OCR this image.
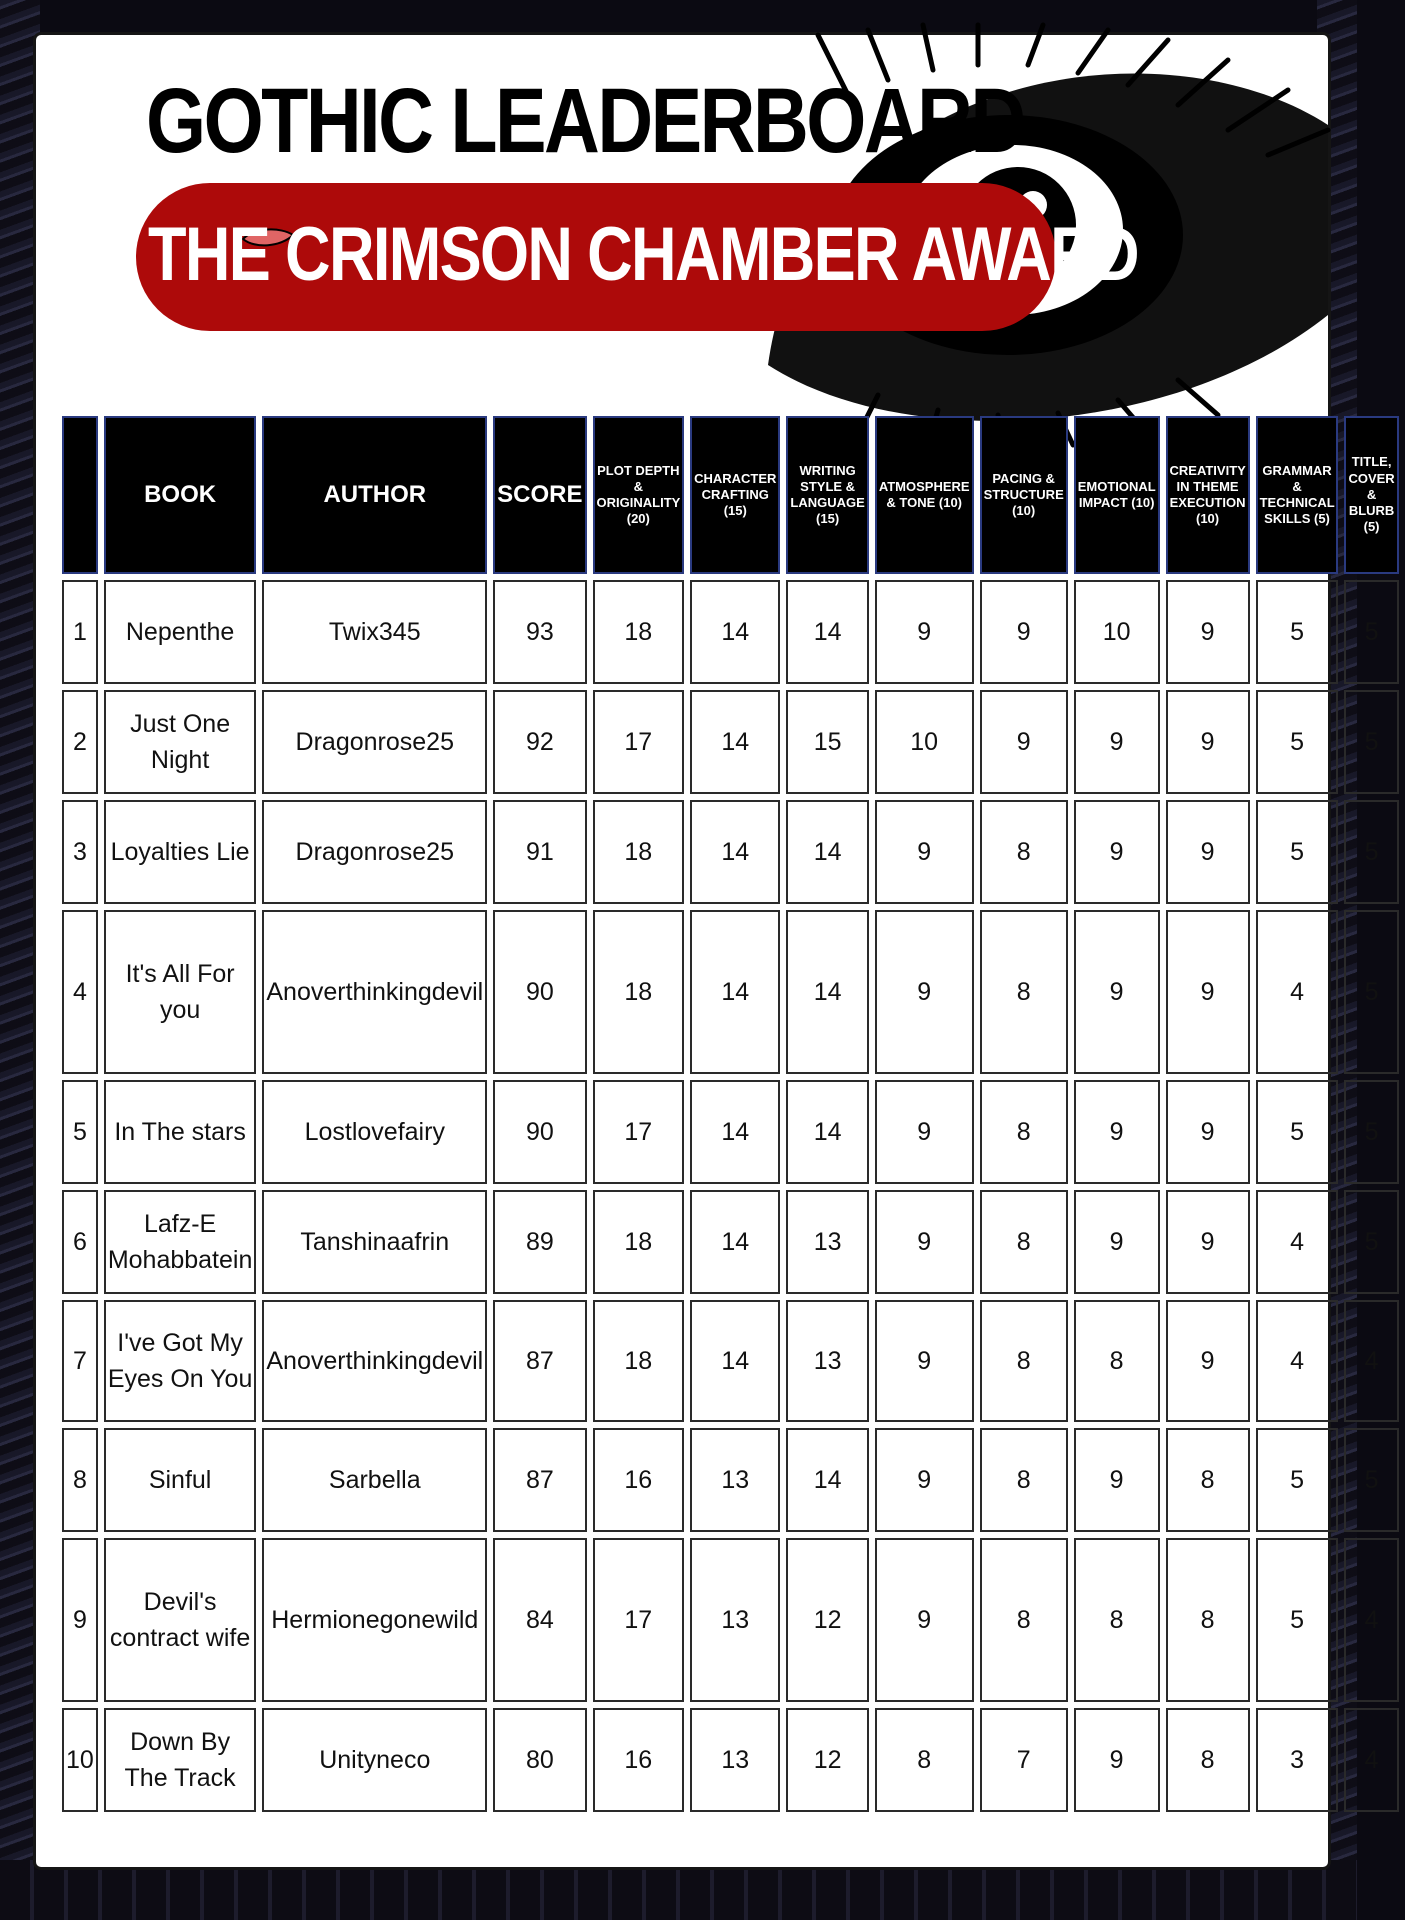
GOTHIC LEADERBOARD
THE CRIMSON CHAMBER AWARD
	BOOK	AUTHOR	SCORE	PLOT DEPTH & ORIGINALITY (20)	CHARACTER CRAFTING (15)	WRITING STYLE & LANGUAGE (15)	ATMOSPHERE & TONE (10)	PACING & STRUCTURE (10)	EMOTIONAL IMPACT (10)	CREATIVITY IN THEME EXECUTION (10)	GRAMMAR & TECHNICAL SKILLS (5)	TITLE, COVER & BLURB (5)
1	Nepenthe	Twix345	93	18	14	14	9	9	10	9	5	5
2	Just One Night	Dragonrose25	92	17	14	15	10	9	9	9	5	5
3	Loyalties Lie	Dragonrose25	91	18	14	14	9	8	9	9	5	5
4	It's All For you	Anoverthinkingdevil	90	18	14	14	9	8	9	9	4	5
5	In The stars	Lostlovefairy	90	17	14	14	9	8	9	9	5	5
6	Lafz-E Mohabbatein	Tanshinaafrin	89	18	14	13	9	8	9	9	4	5
7	I've Got My Eyes On You	Anoverthinkingdevil	87	18	14	13	9	8	8	9	4	4
8	Sinful	Sarbella	87	16	13	14	9	8	9	8	5	5
9	Devil's contract wife	Hermionegonewild	84	17	13	12	9	8	8	8	5	4
10	Down By The Track	Unityneco	80	16	13	12	8	7	9	8	3	4
